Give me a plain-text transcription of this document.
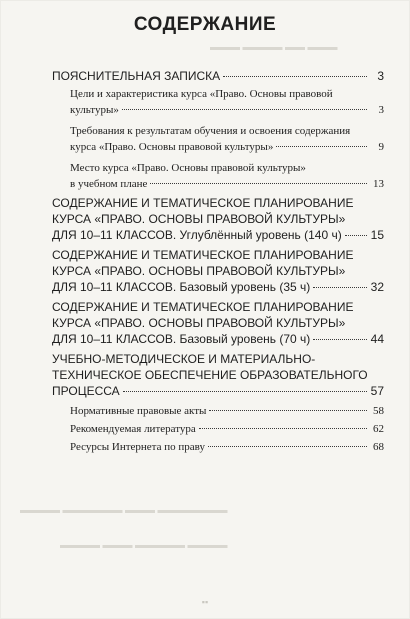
▬▬▬ ▬▬▬▬ ▬▬ ▬▬▬
▬▬▬▬ ▬▬▬▬▬▬ ▬▬▬ ▬▬▬▬▬▬▬
▬▬▬▬ ▬▬▬ ▬▬▬▬▬ ▬▬▬▬
СОДЕРЖАНИЕ
ПОЯСНИТЕЛЬНАЯ ЗАПИСКА	3
Цели и характеристика курса «Право. Основы правовой
культуры»	3
Требования к результатам обучения и освоения содержания
курса «Право. Основы правовой культуры»	9
Место курса «Право. Основы правовой культуры»
в учебном плане	13
СОДЕРЖАНИЕ И ТЕМАТИЧЕСКОЕ ПЛАНИРОВАНИЕ
КУРСА «ПРАВО. ОСНОВЫ ПРАВОВОЙ КУЛЬТУРЫ»
ДЛЯ 10–11 КЛАССОВ. Углублённый уровень (140 ч) 15
СОДЕРЖАНИЕ И ТЕМАТИЧЕСКОЕ ПЛАНИРОВАНИЕ
КУРСА «ПРАВО. ОСНОВЫ ПРАВОВОЙ КУЛЬТУРЫ»
ДЛЯ 10–11 КЛАССОВ. Базовый уровень (35 ч)	32
СОДЕРЖАНИЕ И ТЕМАТИЧЕСКОЕ ПЛАНИРОВАНИЕ
КУРСА «ПРАВО. ОСНОВЫ ПРАВОВОЙ КУЛЬТУРЫ»
ДЛЯ 10–11 КЛАССОВ. Базовый уровень (70 ч)	44
УЧЕБНО-МЕТОДИЧЕСКОЕ И МАТЕРИАЛЬНО-
ТЕХНИЧЕСКОЕ ОБЕСПЕЧЕНИЕ ОБРАЗОВАТЕЛЬНОГО
ПРОЦЕССА	57
Нормативные правовые акты	58
Рекомендуемая литература	62
Ресурсы Интернета по праву	68
▪▪
